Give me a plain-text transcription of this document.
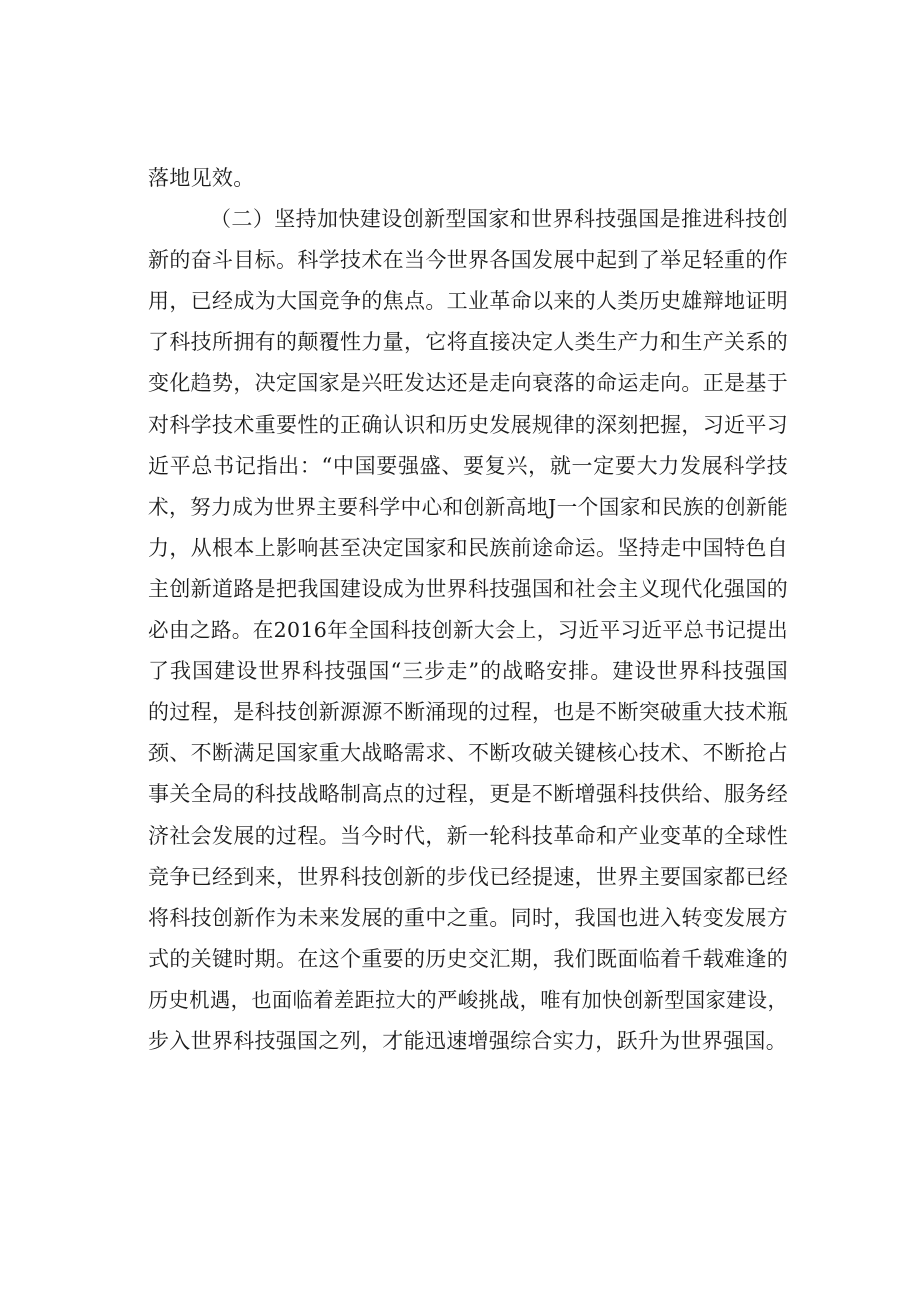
落地见效。
（二）坚持加快建设创新型国家和世界科技强国是推进科技创
新的奋斗目标。科学技术在当今世界各国发展中起到了举足轻重的作
用，已经成为大国竞争的焦点。工业革命以来的人类历史雄辩地证明
了科技所拥有的颠覆性力量，它将直接决定人类生产力和生产关系的
变化趋势，决定国家是兴旺发达还是走向衰落的命运走向。正是基于
对科学技术重要性的正确认识和历史发展规律的深刻把握，习近平习
近平总书记指出：“中国要强盛、要复兴，就一定要大力发展科学技
术，努力成为世界主要科学中心和创新高地J一个国家和民族的创新能
力，从根本上影响甚至决定国家和民族前途命运。坚持走中国特色自
主创新道路是把我国建设成为世界科技强国和社会主义现代化强国的
必由之路。在2016年全国科技创新大会上，习近平习近平总书记提出
了我国建设世界科技强国“三步走”的战略安排。建设世界科技强国
的过程，是科技创新源源不断涌现的过程，也是不断突破重大技术瓶
颈、不断满足国家重大战略需求、不断攻破关键核心技术、不断抢占
事关全局的科技战略制高点的过程，更是不断增强科技供给、服务经
济社会发展的过程。当今时代，新一轮科技革命和产业变革的全球性
竞争已经到来，世界科技创新的步伐已经提速，世界主要国家都已经
将科技创新作为未来发展的重中之重。同时，我国也进入转变发展方
式的关键时期。在这个重要的历史交汇期，我们既面临着千载难逢的
历史机遇，也面临着差距拉大的严峻挑战，唯有加快创新型国家建设，
步入世界科技强国之列，才能迅速增强综合实力，跃升为世界强国。
